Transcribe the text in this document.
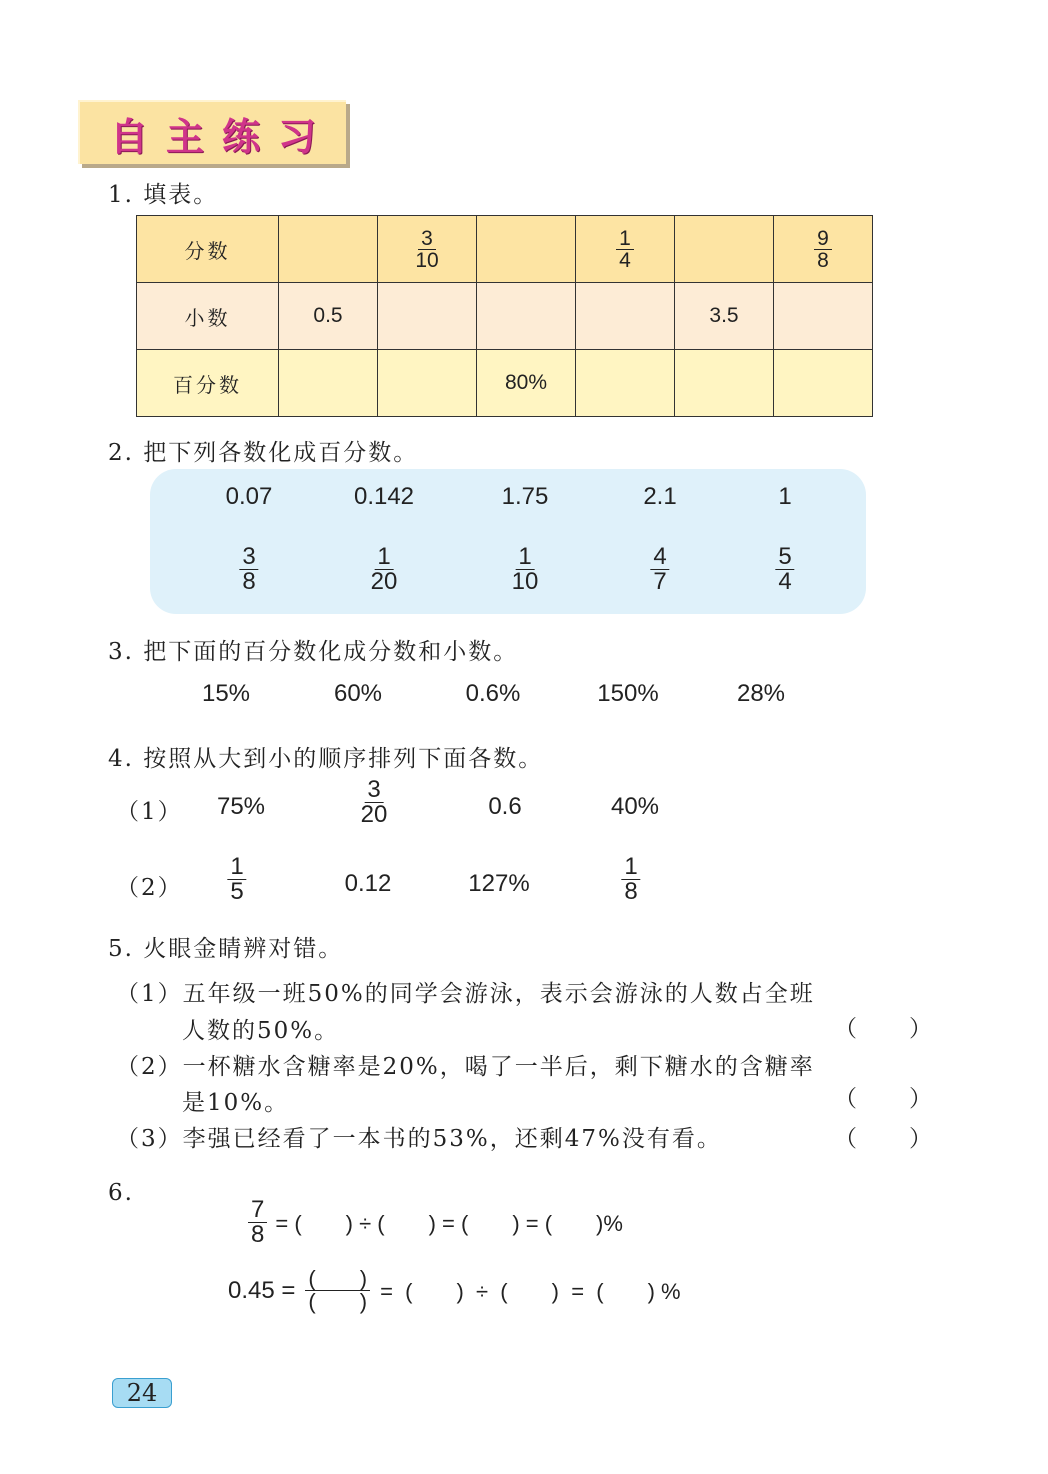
自主练习
1. 填表。
分数		$\frac{3}{10}$		$\frac{1}{4}$		$\frac{9}{8}$

小数	0.5				3.5	
百分数			80%			
2. 把下列各数化成百分数。
3. 把下面的百分数化成分数和小数。
4. 按照从大到小的顺序排列下面各数。
（1） 75%	$\frac{3}{20}$	0.6	40%
$(2) \frac{1}{5}$	0.12	127%	$\frac{1}{8}$
5. 火眼金睛辨对错。
（1）五年级一班50%的同学会游泳，表示会游泳的人数占全班
人数的50%。	（　　）
（2）一杯糖水含糖率是20%，喝了一半后，剩下糖水的含糖率
是10%。	（　　）
（3）李强已经看了一本书的53%，还剩47%没有看。	（　　）
6.
$\frac{7}{8}$ = (　　) ÷ (　　) = (　　) = (　　)%
$0.45 = \frac{( )}{( )}$ =  (　　)  ÷  (　　)  =  (　　) %
24
0.07	0.142	1.75	2.1	1
$\frac{3}{8}$	$\frac{1}{20}$	$\frac{1}{10}$	$\frac{4}{7}$	$\frac{5}{4}$
15%	60%	0.6%	150%	28%
